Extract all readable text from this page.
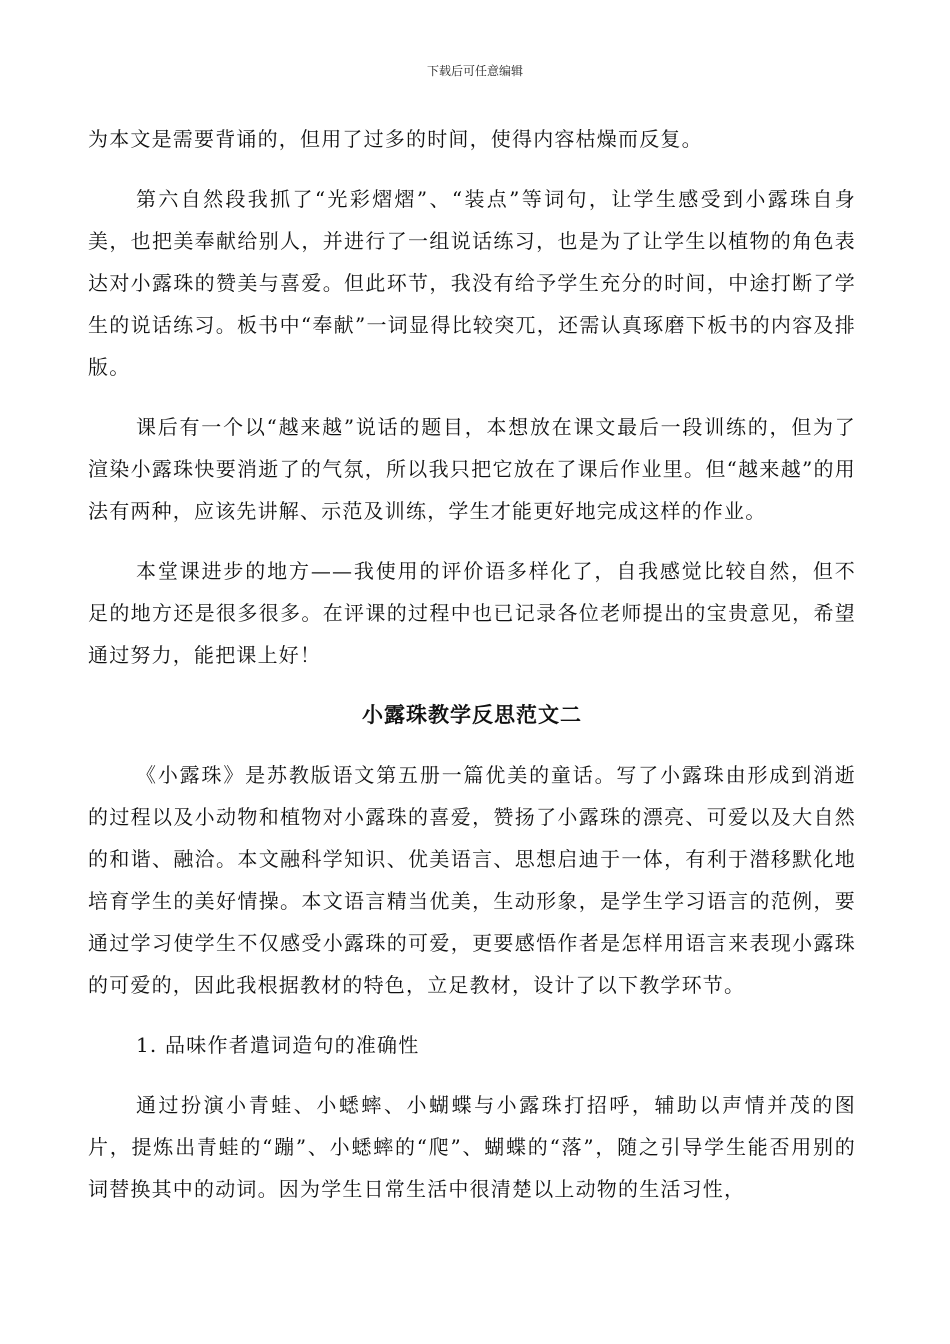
下载后可任意编辑

为本文是需要背诵的，但用了过多的时间，使得内容枯燥而反复。

第六自然段我抓了“光彩熠熠”、“装点”等词句，让学生感受到小露珠自身美，也把美奉献给别人，并进行了一组说话练习，也是为了让学生以植物的角色表达对小露珠的赞美与喜爱。但此环节，我没有给予学生充分的时间，中途打断了学生的说话练习。板书中“奉献”一词显得比较突兀，还需认真琢磨下板书的内容及排版。

课后有一个以“越来越”说话的题目，本想放在课文最后一段训练的，但为了渲染小露珠快要消逝了的气氛，所以我只把它放在了课后作业里。但“越来越”的用法有两种，应该先讲解、示范及训练，学生才能更好地完成这样的作业。

本堂课进步的地方——我使用的评价语多样化了，自我感觉比较自然，但不足的地方还是很多很多。在评课的过程中也已记录各位老师提出的宝贵意见，希望通过努力，能把课上好！

小露珠教学反思范文二

《小露珠》是苏教版语文第五册一篇优美的童话。写了小露珠由形成到消逝的过程以及小动物和植物对小露珠的喜爱，赞扬了小露珠的漂亮、可爱以及大自然的和谐、融洽。本文融科学知识、优美语言、思想启迪于一体，有利于潜移默化地培育学生的美好情操。本文语言精当优美，生动形象，是学生学习语言的范例，要通过学习使学生不仅感受小露珠的可爱，更要感悟作者是怎样用语言来表现小露珠的可爱的，因此我根据教材的特色，立足教材，设计了以下教学环节。

1. 品味作者遣词造句的准确性

通过扮演小青蛙、小蟋蟀、小蝴蝶与小露珠打招呼，辅助以声情并茂的图片，提炼出青蛙的“蹦”、小蟋蟀的“爬”、蝴蝶的“落”，随之引导学生能否用别的词替换其中的动词。因为学生日常生活中很清楚以上动物的生活习性，
